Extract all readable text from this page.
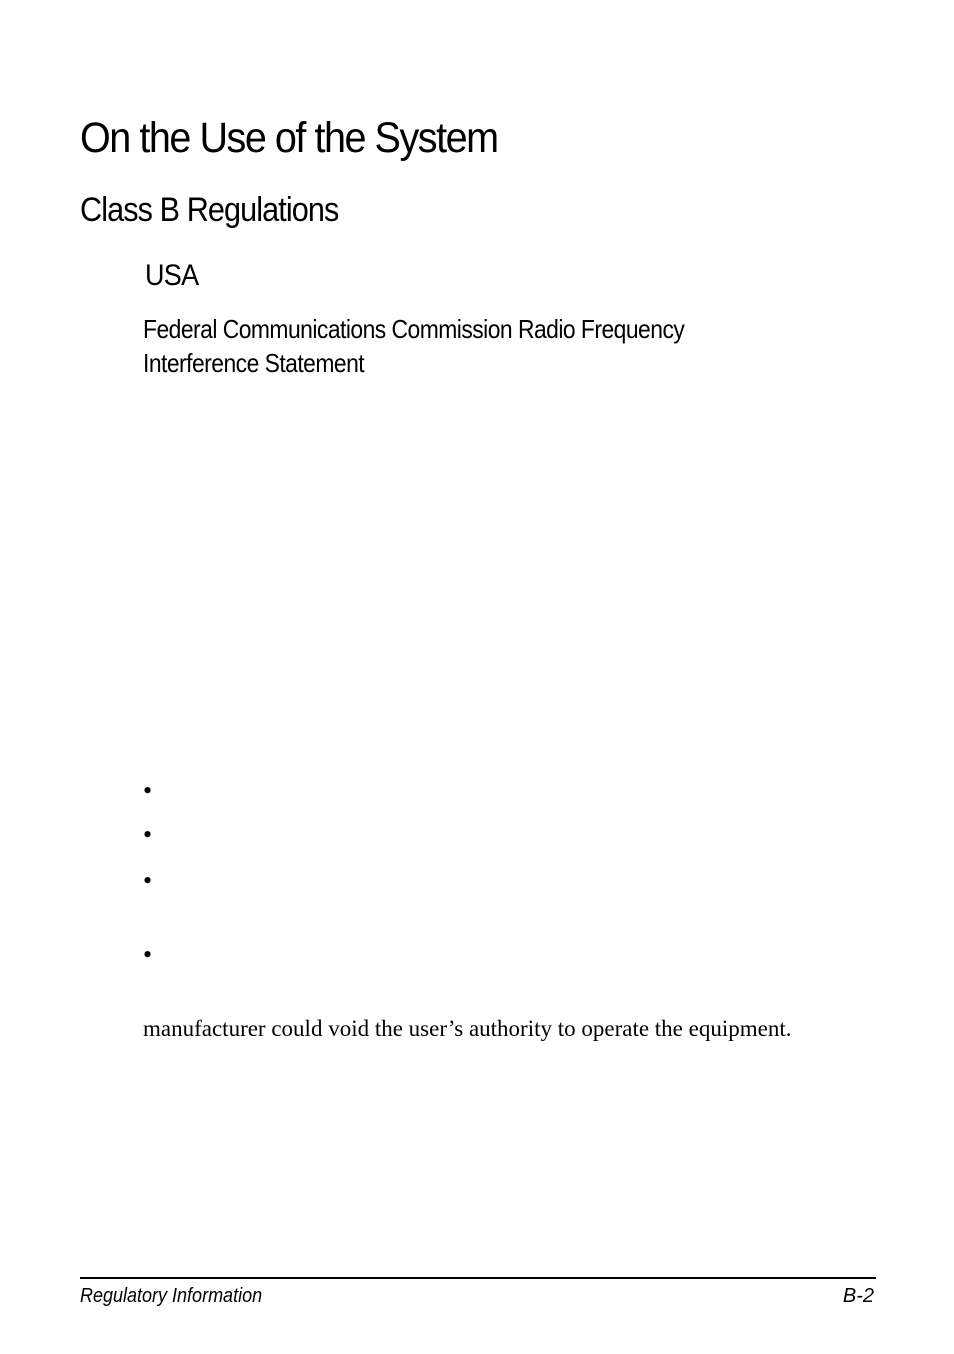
On the Use of the System
Class B Regulations
USA
Federal Communications Commission Radio Frequency
Interference Statement
•
•
•
•
manufacturer could void the user’s authority to operate the equipment.
Regulatory Information	B-2
